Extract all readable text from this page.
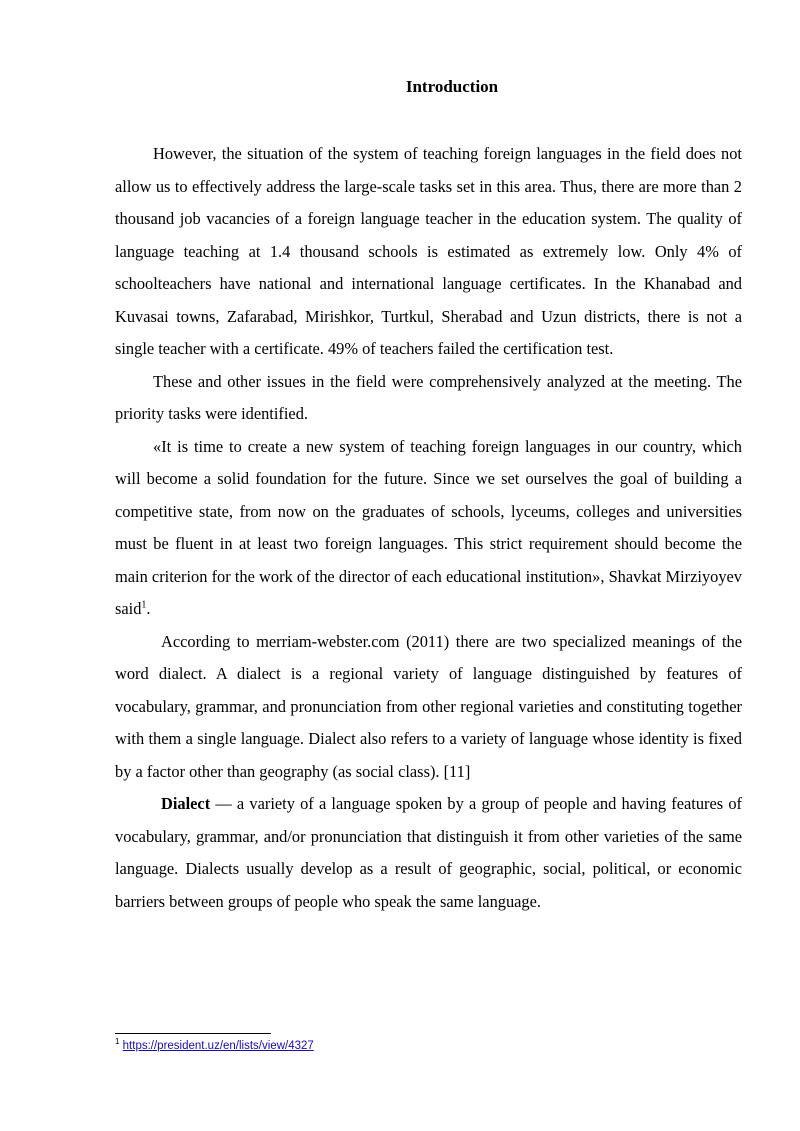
Introduction

However, the situation of the system of teaching foreign languages in the field does not allow us to effectively address the large-scale tasks set in this area. Thus, there are more than 2 thousand job vacancies of a foreign language teacher in the education system. The quality of language teaching at 1.4 thousand schools is estimated as extremely low. Only 4% of schoolteachers have national and international language certificates. In the Khanabad and Kuvasai towns, Zafarabad, Mirishkor, Turtkul, Sherabad and Uzun districts, there is not a single teacher with a certificate. 49% of teachers failed the certification test.

These and other issues in the field were comprehensively analyzed at the meeting. The priority tasks were identified.

«It is time to create a new system of teaching foreign languages in our country, which will become a solid foundation for the future. Since we set ourselves the goal of building a competitive state, from now on the graduates of schools, lyceums, colleges and universities must be fluent in at least two foreign languages. This strict requirement should become the main criterion for the work of the director of each educational institution», Shavkat Mirziyoyev said$^1$.

According to merriam-webster.com (2011) there are two specialized meanings of the word dialect. A dialect is a regional variety of language distinguished by features of vocabulary, grammar, and pronunciation from other regional varieties and constituting together with them a single language. Dialect also refers to a variety of language whose identity is fixed by a factor other than geography (as social class). [11]

Dialect — a variety of a language spoken by a group of people and having features of vocabulary, grammar, and/or pronunciation that distinguish it from other varieties of the same language. Dialects usually develop as a result of geographic, social, political, or economic barriers between groups of people who speak the same language.

$^1$ https://president.uz/en/lists/view/4327
